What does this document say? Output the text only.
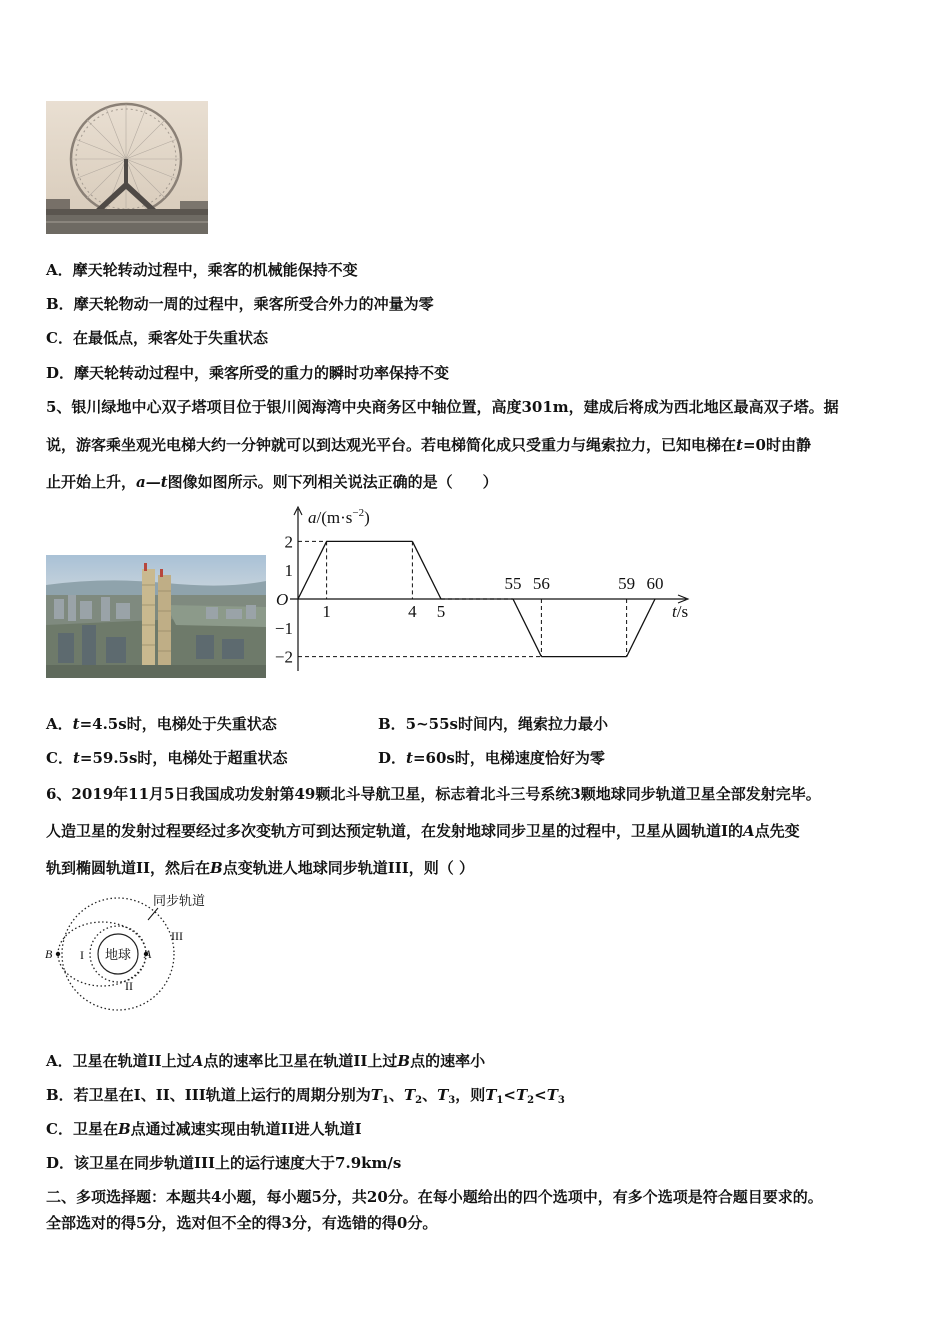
A．摩天轮转动过程中，乘客的机械能保持不变
B．摩天轮物动一周的过程中，乘客所受合外力的冲量为零
C．在最低点，乘客处于失重状态
D．摩天轮转动过程中，乘客所受的重力的瞬时功率保持不变
5、银川绿地中心双子塔项目位于银川阅海湾中央商务区中轴位置，高度301m，建成后将成为西北地区最高双子塔。据
说，游客乘坐观光电梯大约一分钟就可以到达观光平台。若电梯简化成只受重力与绳索拉力，已知电梯在t=0时由静
止开始上升，a—t图像如图所示。则下列相关说法正确的是（　　）
$a/(m\cdot s^{-2})$
t/s
O
2
1
−1
−2
1	4 5
55 56	59 60
A．t=4.5s时，电梯处于失重状态	B．5~55s时间内，绳索拉力最小
C．t=59.5s时，电梯处于超重状态	D．t=60s时，电梯速度恰好为零
6、2019年11月5日我国成功发射第49颗北斗导航卫星，标志着北斗三号系统3颗地球同步轨道卫星全部发射完毕。
人造卫星的发射过程要经过多次变轨方可到达预定轨道，在发射地球同步卫星的过程中，卫星从圆轨道I的A点先变
轨到椭圆轨道II，然后在B点变轨进人地球同步轨道III，则（ ）
地球 A
B I
II
III
同步轨道
A．卫星在轨道II上过A点的速率比卫星在轨道II上过B点的速率小
B．若卫星在I、II、III轨道上运行的周期分别为$T_1$、$T_2$、$T_3$，则$T_1<T_2<T_3$
C．卫星在B点通过减速实现由轨道II进人轨道I
D．该卫星在同步轨道III上的运行速度大于7.9km/s
二、多项选择题：本题共4小题，每小题5分，共20分。在每小题给出的四个选项中，有多个选项是符合题目要求的。
全部选对的得5分，选对但不全的得3分，有选错的得0分。
